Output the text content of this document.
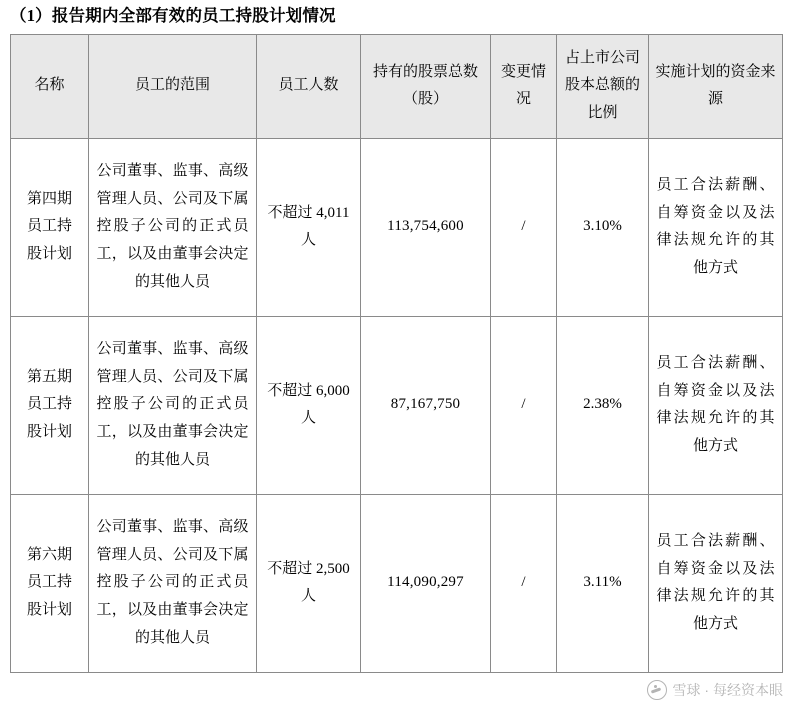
（1）报告期内全部有效的员工持股计划情况
名称	员工的范围	员工人数	持有的股票总数（股）	变更情况	占上市公司股本总额的比例	实施计划的资金来源

第四期员工持股计划	公司董事、监事、高级管理人员、公司及下属控股子公司的正式员工，以及由董事会决定的其他人员	不超过 4,011 人	113,754,600	/	3.10%	员工合法薪酬、自筹资金以及法律法规允许的其他方式

第五期员工持股计划	公司董事、监事、高级管理人员、公司及下属控股子公司的正式员工，以及由董事会决定的其他人员	不超过 6,000 人	87,167,750	/	2.38%	员工合法薪酬、自筹资金以及法律法规允许的其他方式

第六期员工持股计划	公司董事、监事、高级管理人员、公司及下属控股子公司的正式员工，以及由董事会决定的其他人员	不超过 2,500 人	114,090,297	/	3.11%	员工合法薪酬、自筹资金以及法律法规允许的其他方式
雪球 · 每经资本眼
